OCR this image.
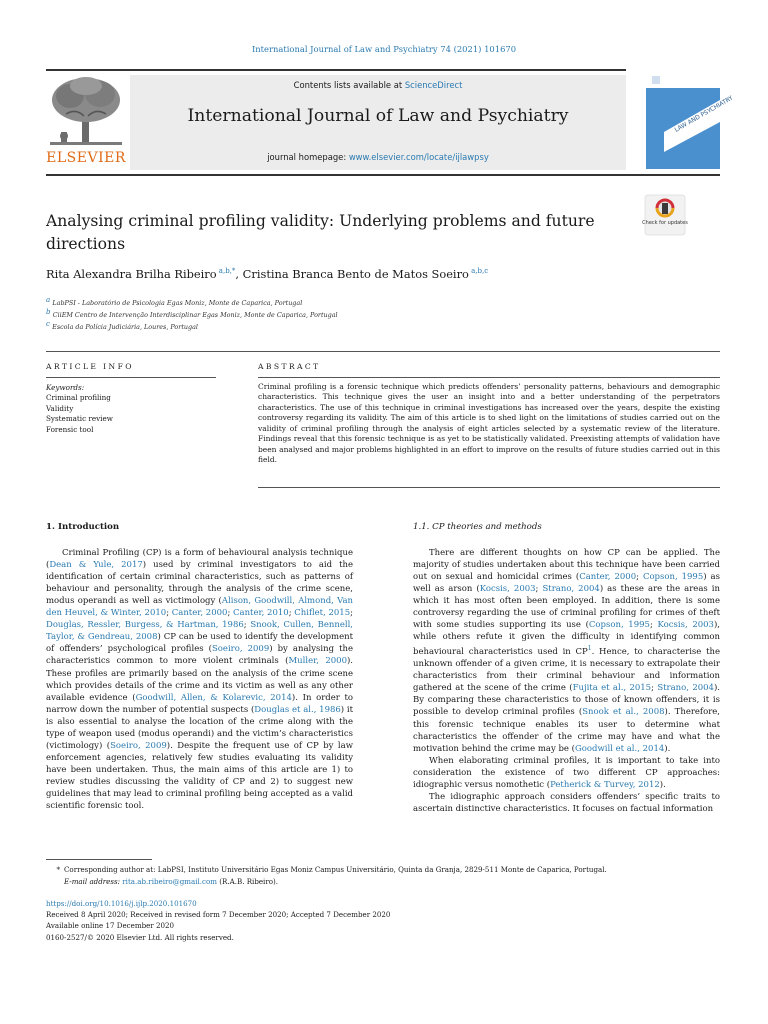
International Journal of Law and Psychiatry 74 (2021) 101670
ELSEVIER
Contents lists available at ScienceDirect
International Journal of Law and Psychiatry
journal homepage: www.elsevier.com/locate/ijlawpsy
LAW AND PSYCHIATRY
Check for updates
Analysing criminal profiling validity: Underlying problems and future directions
Rita Alexandra Brilha Ribeiro $^{a,b,*}$, Cristina Branca Bento de Matos Soeiro $^{a,b,c}$
$^a$ LabPSI - Laboratório de Psicologia Egas Moniz, Monte de Caparica, Portugal
$^b$ CiiEM Centro de Intervenção Interdisciplinar Egas Moniz, Monte de Caparica, Portugal
$^c$ Escola da Polícia Judiciária, Loures, Portugal
ARTICLE INFO	ABSTRACT
Keywords:
Criminal profiling
Validity
Systematic review
Forensic tool
Criminal profiling is a forensic technique which predicts offenders’ personality patterns, behaviours and demographic characteristics. This technique gives the user an insight into and a better understanding of the perpetrators characteristics. The use of this technique in criminal investigations has increased over the years, despite the existing controversy regarding its validity. The aim of this article is to shed light on the limitations of studies carried out on the validity of criminal profiling through the analysis of eight articles selected by a systematic review of the literature. Findings reveal that this forensic technique is as yet to be statistically validated. Preexisting attempts of validation have been analysed and major problems highlighted in an effort to improve on the results of future studies carried out in this field.
1. Introduction

Criminal Profiling (CP) is a form of behavioural analysis technique (Dean & Yule, 2017) used by criminal investigators to aid the identification of certain criminal characteristics, such as patterns of behaviour and personality, through the analysis of the crime scene, modus operandi as well as victimology (Alison, Goodwill, Almond, Van den Heuvel, & Winter, 2010; Canter, 2000; Canter, 2010; Chiflet, 2015; Douglas, Ressler, Burgess, & Hartman, 1986; Snook, Cullen, Bennell, Taylor, & Gendreau, 2008) CP can be used to identify the development of offenders’ psychological profiles (Soeiro, 2009) by analysing the characteristics common to more violent criminals (Muller, 2000). These profiles are primarily based on the analysis of the crime scene which provides details of the crime and its victim as well as any other available evidence (Goodwill, Allen, & Kolarevic, 2014). In order to narrow down the number of potential suspects (Douglas et al., 1986) it is also essential to analyse the location of the crime along with the type of weapon used (modus operandi) and the victim’s characteristics (victimology) (Soeiro, 2009). Despite the frequent use of CP by law enforcement agencies, relatively few studies evaluating its validity have been undertaken. Thus, the main aims of this article are 1) to review studies discussing the validity of CP and 2) to suggest new guidelines that may lead to criminal profiling being accepted as a valid scientific forensic tool.

1.1. CP theories and methods

There are different thoughts on how CP can be applied. The majority of studies undertaken about this technique have been carried out on sexual and homicidal crimes (Canter, 2000; Copson, 1995) as well as arson (Kocsis, 2003; Strano, 2004) as these are the areas in which it has most often been employed. In addition, there is some controversy regarding the use of criminal profiling for crimes of theft with some studies supporting its use (Copson, 1995; Kocsis, 2003), while others refute it given the difficulty in identifying common behavioural characteristics used in $CP^1$. Hence, to characterise the unknown offender of a given crime, it is necessary to extrapolate their characteristics from their criminal behaviour and information gathered at the scene of the crime (Fujita et al., 2015; Strano, 2004). By comparing these characteristics to those of known offenders, it is possible to develop criminal profiles (Snook et al., 2008). Therefore, this forensic technique enables its user to determine what characteristics the offender of the crime may have and what the motivation behind the crime may be (Goodwill et al., 2014).

When elaborating criminal profiles, it is important to take into consideration the existence of two different CP approaches: idiographic versus nomothetic (Petherick & Turvey, 2012).

The idiographic approach considers offenders’ specific traits to ascertain distinctive characteristics. It focuses on factual information

* Corresponding author at: LabPSI, Instituto Universitário Egas Moniz Campus Universitário, Quinta da Granja, 2829-511 Monte de Caparica, Portugal.
E-mail address: rita.ab.ribeiro@gmail.com (R.A.B. Ribeiro).
https://doi.org/10.1016/j.ijlp.2020.101670
Received 8 April 2020; Received in revised form 7 December 2020; Accepted 7 December 2020
Available online 17 December 2020
0160-2527/© 2020 Elsevier Ltd. All rights reserved.
